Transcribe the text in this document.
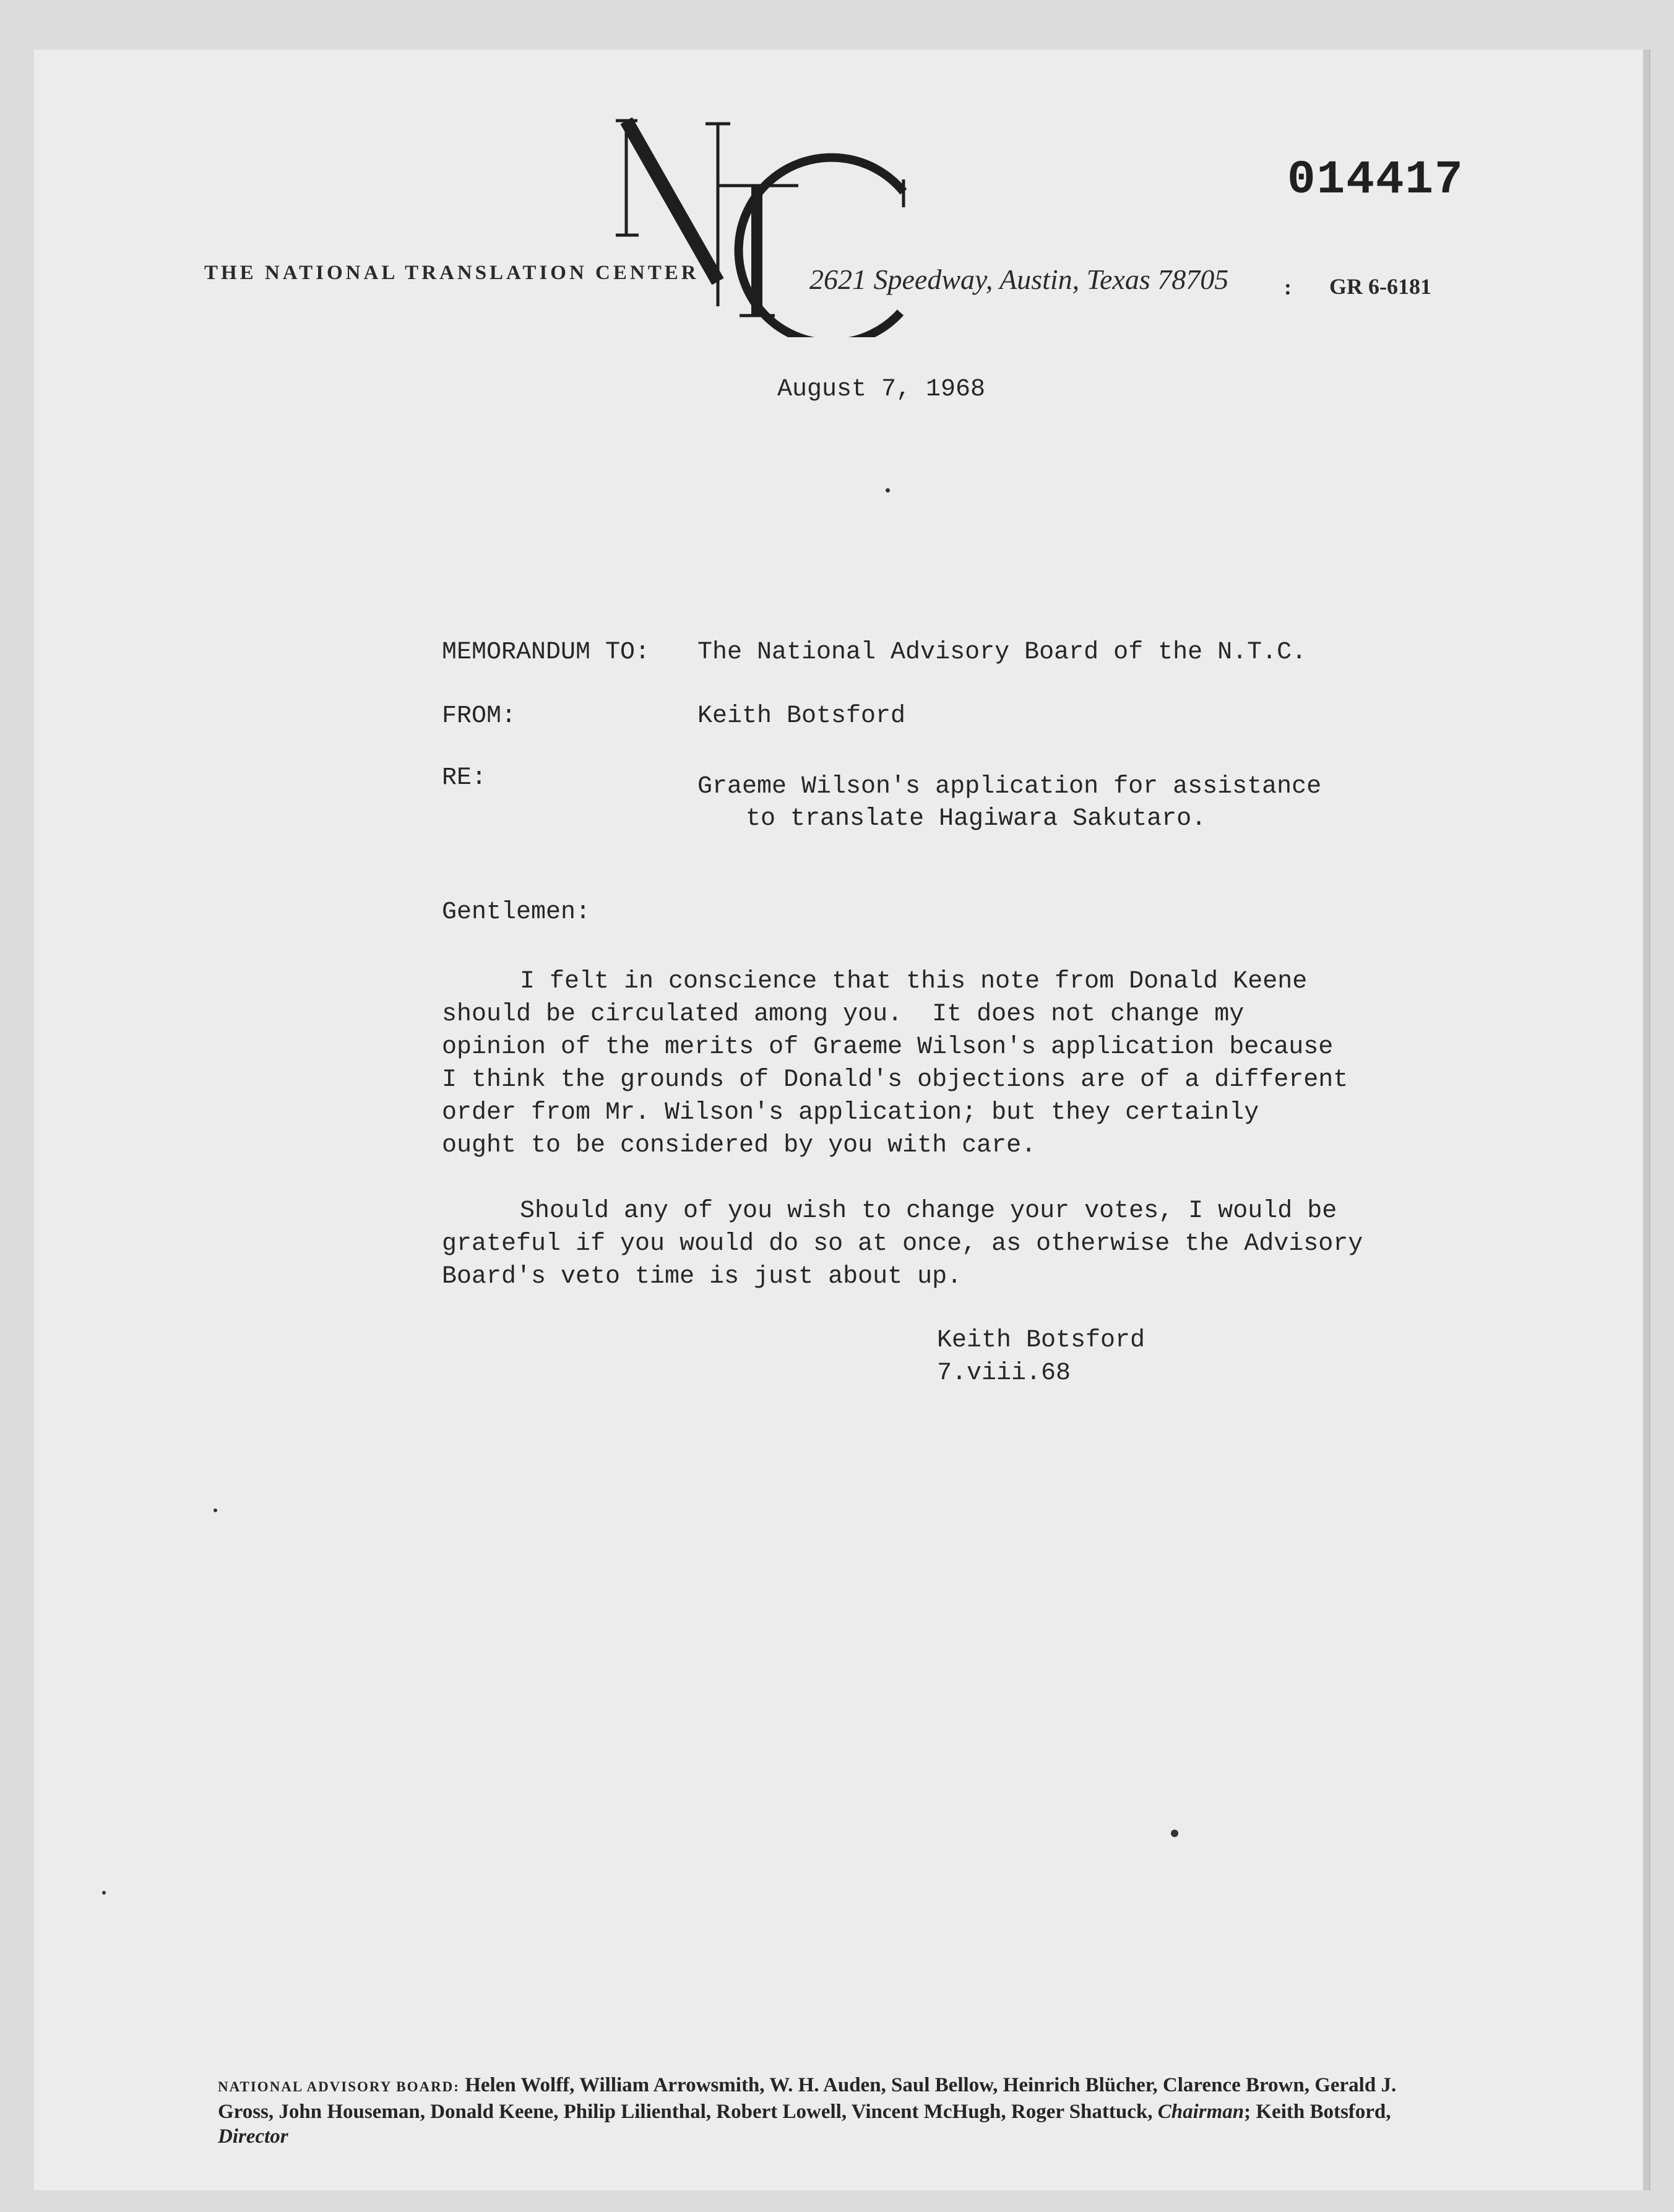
THE NATIONAL TRANSLATION CENTER
NTC
2621 Speedway, Austin, Texas 78705 : GR 6-6181
014417
August 7, 1968
MEMORANDUM TO: The National Advisory Board of the N.T.C.
FROM:	Keith Botsford
RE:	Graeme Wilson's application for assistance
to translate Hagiwara Sakutaro.
Gentlemen:
I felt in conscience that this note from Donald Keene
should be circulated among you.  It does not change my
opinion of the merits of Graeme Wilson's application because
I think the grounds of Donald's objections are of a different
order from Mr. Wilson's application; but they certainly
ought to be considered by you with care.
Should any of you wish to change your votes, I would be
grateful if you would do so at once, as otherwise the Advisory
Board's veto time is just about up.
Keith Botsford
7.viii.68
NATIONAL ADVISORY BOARD: Helen Wolff, William Arrowsmith, W. H. Auden, Saul Bellow, Heinrich Blücher, Clarence Brown, Gerald J. Gross, John Houseman, Donald Keene, Philip Lilienthal, Robert Lowell, Vincent McHugh, Roger Shattuck, Chairman; Keith Botsford, Director
